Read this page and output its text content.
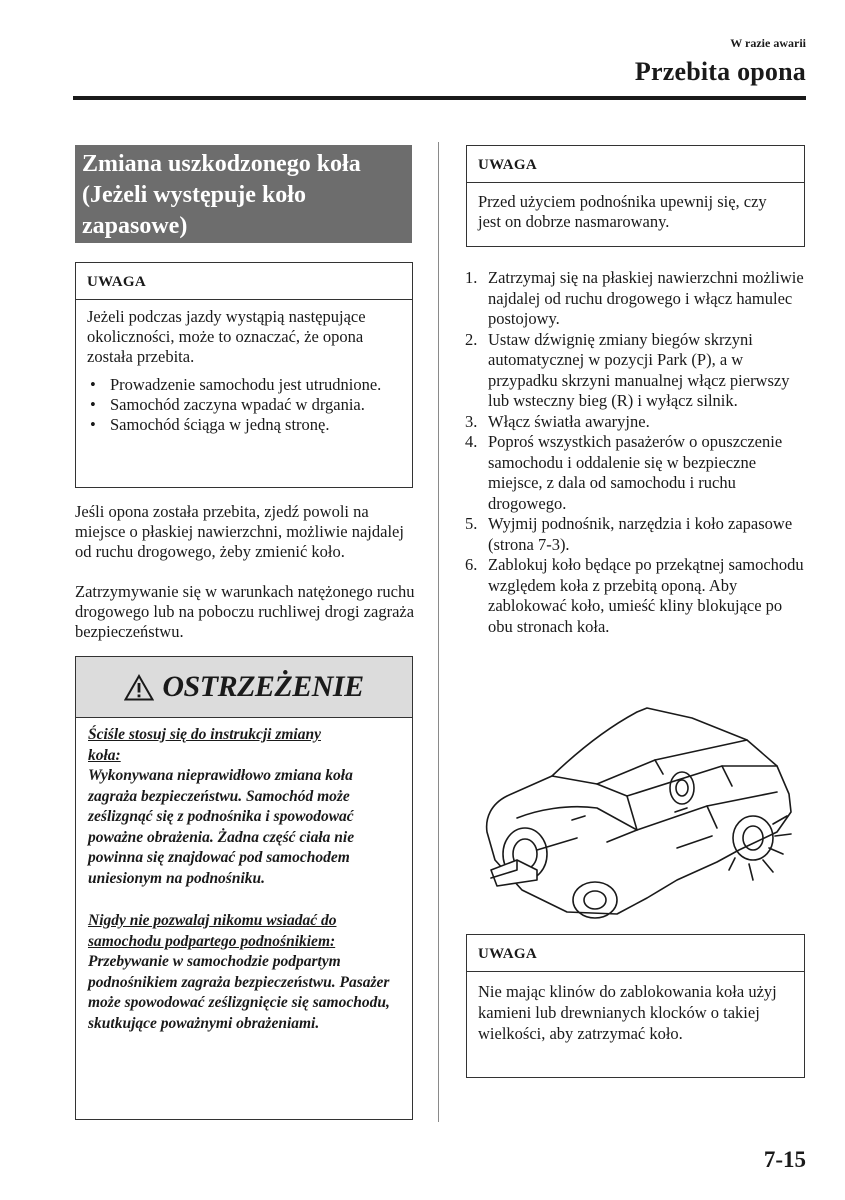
W razie awarii
Przebita opona
Zmiana uszkodzonego koła
(Jeżeli występuje koło
zapasowe)
UWAGA
Jeżeli podczas jazdy wystąpią następujące okoliczności, może to oznaczać, że opona została przebita.
• Prowadzenie samochodu jest utrudnione.
• Samochód zaczyna wpadać w drgania.
• Samochód ściąga w jedną stronę.
Jeśli opona została przebita, zjedź powoli na miejsce o płaskiej nawierzchni, możliwie najdalej od ruchu drogowego, żeby zmienić koło.
Zatrzymywanie się w warunkach natężonego ruchu drogowego lub na poboczu ruchliwej drogi zagraża bezpieczeństwu.
OSTRZEŻENIE

Ściśle stosuj się do instrukcji zmiany koła:

Wykonywana nieprawidłowo zmiana koła zagraża bezpieczeństwu. Samochód może ześlizgnąć się z podnośnika i spowodować poważne obrażenia. Żadna część ciała nie powinna się znajdować pod samochodem uniesionym na podnośniku.

Nigdy nie pozwalaj nikomu wsiadać do samochodu podpartego podnośnikiem:

Przebywanie w samochodzie podpartym podnośnikiem zagraża bezpieczeństwu. Pasażer może spowodować ześlizgnięcie się samochodu, skutkujące poważnymi obrażeniami.

UWAGA
Przed użyciem podnośnika upewnij się, czy jest on dobrze nasmarowany.
1. Zatrzymaj się na płaskiej nawierzchni możliwie najdalej od ruchu drogowego i włącz hamulec postojowy.
2. Ustaw dźwignię zmiany biegów skrzyni automatycznej w pozycji Park (P), a w przypadku skrzyni manualnej włącz pierwszy lub wsteczny bieg (R) i wyłącz silnik.
3. Włącz światła awaryjne.
4. Poproś wszystkich pasażerów o opuszczenie samochodu i oddalenie się w bezpieczne miejsce, z dala od samochodu i ruchu drogowego.
5. Wyjmij podnośnik, narzędzia i koło zapasowe (strona 7-3).
6. Zablokuj koło będące po przekątnej samochodu względem koła z przebitą oponą. Aby zablokować koło, umieść kliny blokujące po obu stronach koła.
UWAGA
Nie mając klinów do zablokowania koła użyj kamieni lub drewnianych klocków o takiej wielkości, aby zatrzymać koło.
7-15
